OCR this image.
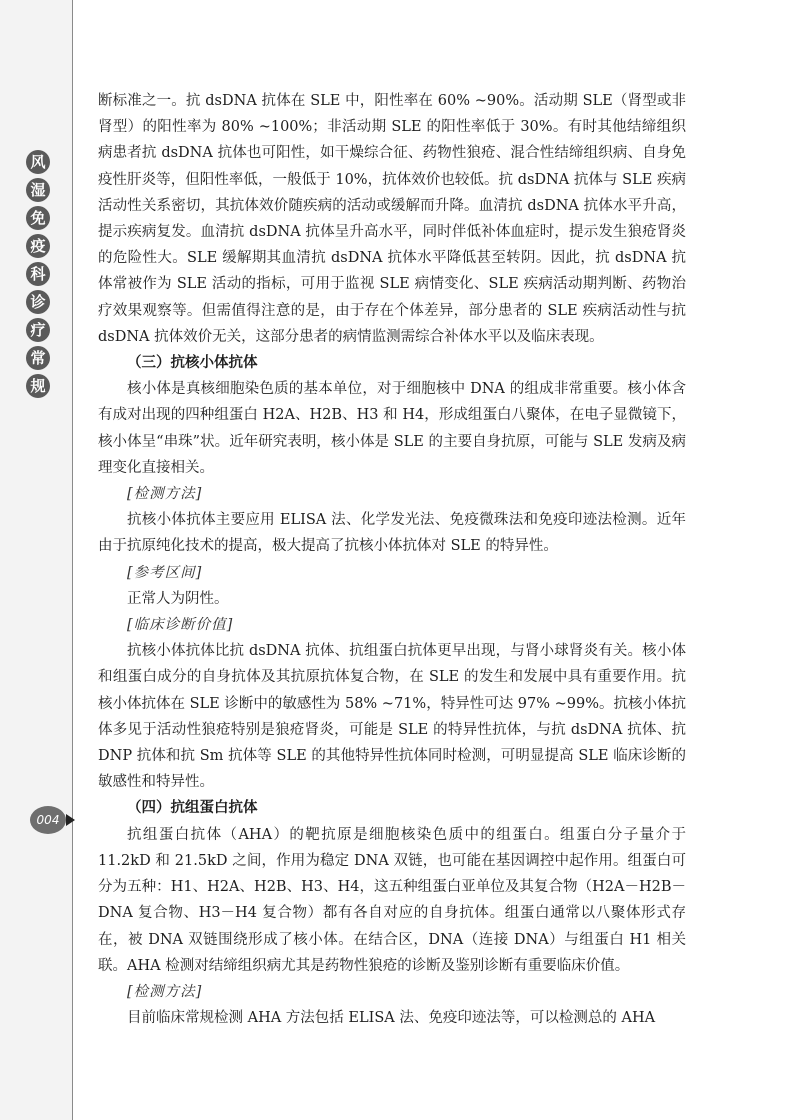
风
湿
免
疫
科
诊
疗
常
规
004

断标准之一。抗 dsDNA 抗体在 SLE 中，阳性率在 60% ~90%。活动期 SLE（肾型或非肾型）的阳性率为 80% ~100%；非活动期 SLE 的阳性率低于 30%。有时其他结缔组织病患者抗 dsDNA 抗体也可阳性，如干燥综合征、药物性狼疮、混合性结缔组织病、自身免疫性肝炎等，但阳性率低，一般低于 10%，抗体效价也较低。抗 dsDNA 抗体与 SLE 疾病活动性关系密切，其抗体效价随疾病的活动或缓解而升降。血清抗 dsDNA 抗体水平升高，提示疾病复发。血清抗 dsDNA 抗体呈升高水平，同时伴低补体血症时，提示发生狼疮肾炎的危险性大。SLE 缓解期其血清抗 dsDNA 抗体水平降低甚至转阴。因此，抗 dsDNA 抗体常被作为 SLE 活动的指标，可用于监视 SLE 病情变化、SLE 疾病活动期判断、药物治疗效果观察等。但需值得注意的是，由于存在个体差异，部分患者的 SLE 疾病活动性与抗 dsDNA 抗体效价无关，这部分患者的病情监测需综合补体水平以及临床表现。

（三）抗核小体抗体

核小体是真核细胞染色质的基本单位，对于细胞核中 DNA 的组成非常重要。核小体含有成对出现的四种组蛋白 H2A、H2B、H3 和 H4，形成组蛋白八聚体，在电子显微镜下，核小体呈“串珠”状。近年研究表明，核小体是 SLE 的主要自身抗原，可能与 SLE 发病及病理变化直接相关。

[检测方法]

抗核小体抗体主要应用 ELISA 法、化学发光法、免疫微珠法和免疫印迹法检测。近年由于抗原纯化技术的提高，极大提高了抗核小体抗体对 SLE 的特异性。

[参考区间]

正常人为阴性。

[临床诊断价值]

抗核小体抗体比抗 dsDNA 抗体、抗组蛋白抗体更早出现，与肾小球肾炎有关。核小体和组蛋白成分的自身抗体及其抗原抗体复合物，在 SLE 的发生和发展中具有重要作用。抗核小体抗体在 SLE 诊断中的敏感性为 58% ~71%，特异性可达 97% ~99%。抗核小体抗体多见于活动性狼疮特别是狼疮肾炎，可能是 SLE 的特异性抗体，与抗 dsDNA 抗体、抗 DNP 抗体和抗 Sm 抗体等 SLE 的其他特异性抗体同时检测，可明显提高 SLE 临床诊断的敏感性和特异性。

（四）抗组蛋白抗体

抗组蛋白抗体（AHA）的靶抗原是细胞核染色质中的组蛋白。组蛋白分子量介于 11.2kD 和 21.5kD 之间，作用为稳定 DNA 双链，也可能在基因调控中起作用。组蛋白可分为五种：H1、H2A、H2B、H3、H4，这五种组蛋白亚单位及其复合物（H2A－H2B－DNA 复合物、H3－H4 复合物）都有各自对应的自身抗体。组蛋白通常以八聚体形式存在，被 DNA 双链围绕形成了核小体。在结合区，DNA（连接 DNA）与组蛋白 H1 相关联。AHA 检测对结缔组织病尤其是药物性狼疮的诊断及鉴别诊断有重要临床价值。

[检测方法]

目前临床常规检测 AHA 方法包括 ELISA 法、免疫印迹法等，可以检测总的 AHA
